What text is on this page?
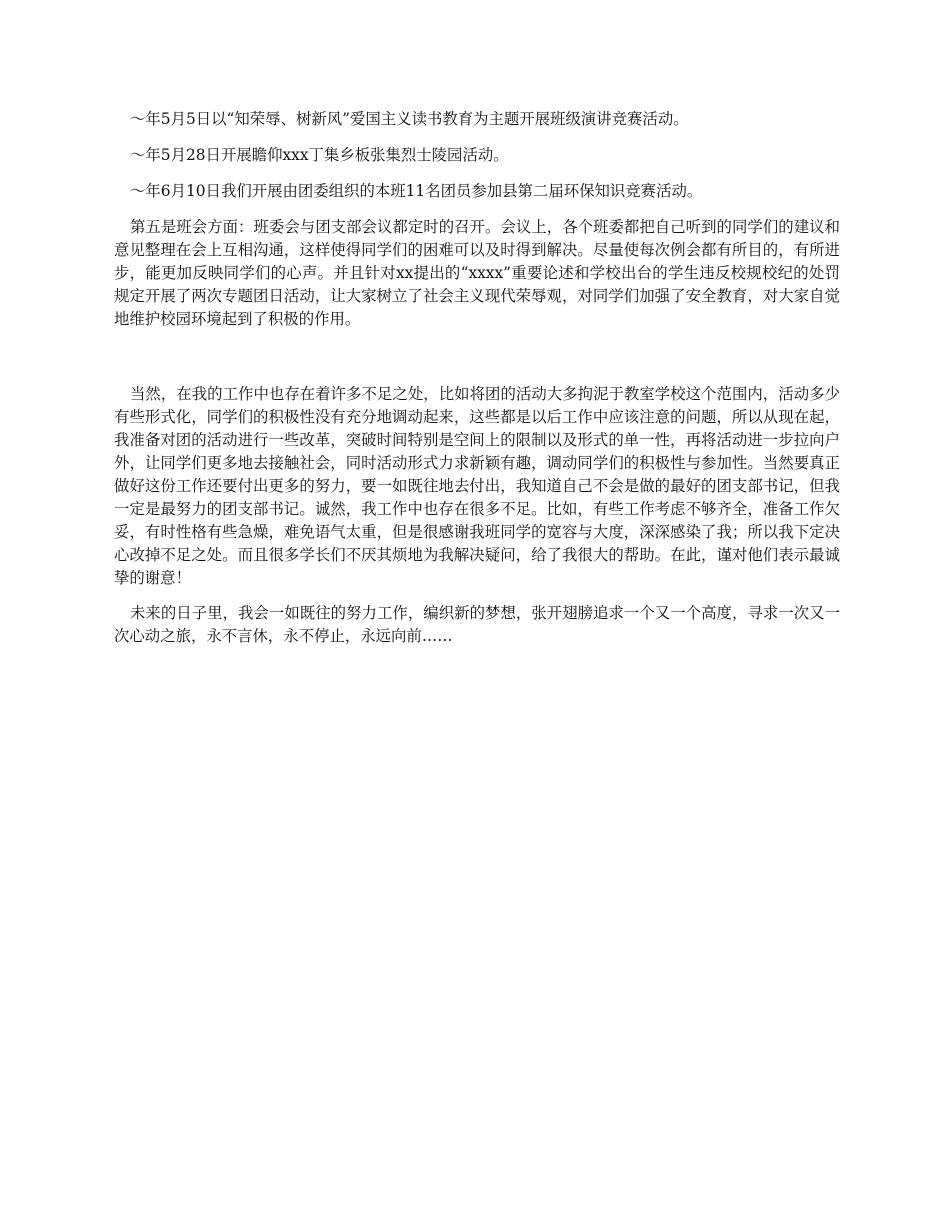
～年5月5日以“知荣辱、树新风”爱国主义读书教育为主题开展班级演讲竞赛活动。

～年5月28日开展瞻仰xxx丁集乡板张集烈士陵园活动。

～年6月10日我们开展由团委组织的本班11名团员参加县第二届环保知识竞赛活动。

第五是班会方面：班委会与团支部会议都定时的召开。会议上，各个班委都把自己听到的同学们的建议和意见整理在会上互相沟通，这样使得同学们的困难可以及时得到解决。尽量使每次例会都有所目的，有所进步，能更加反映同学们的心声。并且针对xx提出的“xxxx”重要论述和学校出台的学生违反校规校纪的处罚规定开展了两次专题团日活动，让大家树立了社会主义现代荣辱观，对同学们加强了安全教育，对大家自觉地维护校园环境起到了积极的作用。

当然，在我的工作中也存在着许多不足之处，比如将团的活动大多拘泥于教室学校这个范围内，活动多少有些形式化，同学们的积极性没有充分地调动起来，这些都是以后工作中应该注意的问题，所以从现在起，我准备对团的活动进行一些改革，突破时间特别是空间上的限制以及形式的单一性，再将活动进一步拉向户外，让同学们更多地去接触社会，同时活动形式力求新颖有趣，调动同学们的积极性与参加性。当然要真正做好这份工作还要付出更多的努力，要一如既往地去付出，我知道自己不会是做的最好的团支部书记，但我一定是最努力的团支部书记。诚然，我工作中也存在很多不足。比如，有些工作考虑不够齐全，准备工作欠妥，有时性格有些急燥，难免语气太重，但是很感谢我班同学的宽容与大度，深深感染了我；所以我下定决心改掉不足之处。而且很多学长们不厌其烦地为我解决疑问，给了我很大的帮助。在此，谨对他们表示最诚挚的谢意！

未来的日子里，我会一如既往的努力工作，编织新的梦想，张开翅膀追求一个又一个高度，寻求一次又一次心动之旅，永不言休，永不停止，永远向前……
